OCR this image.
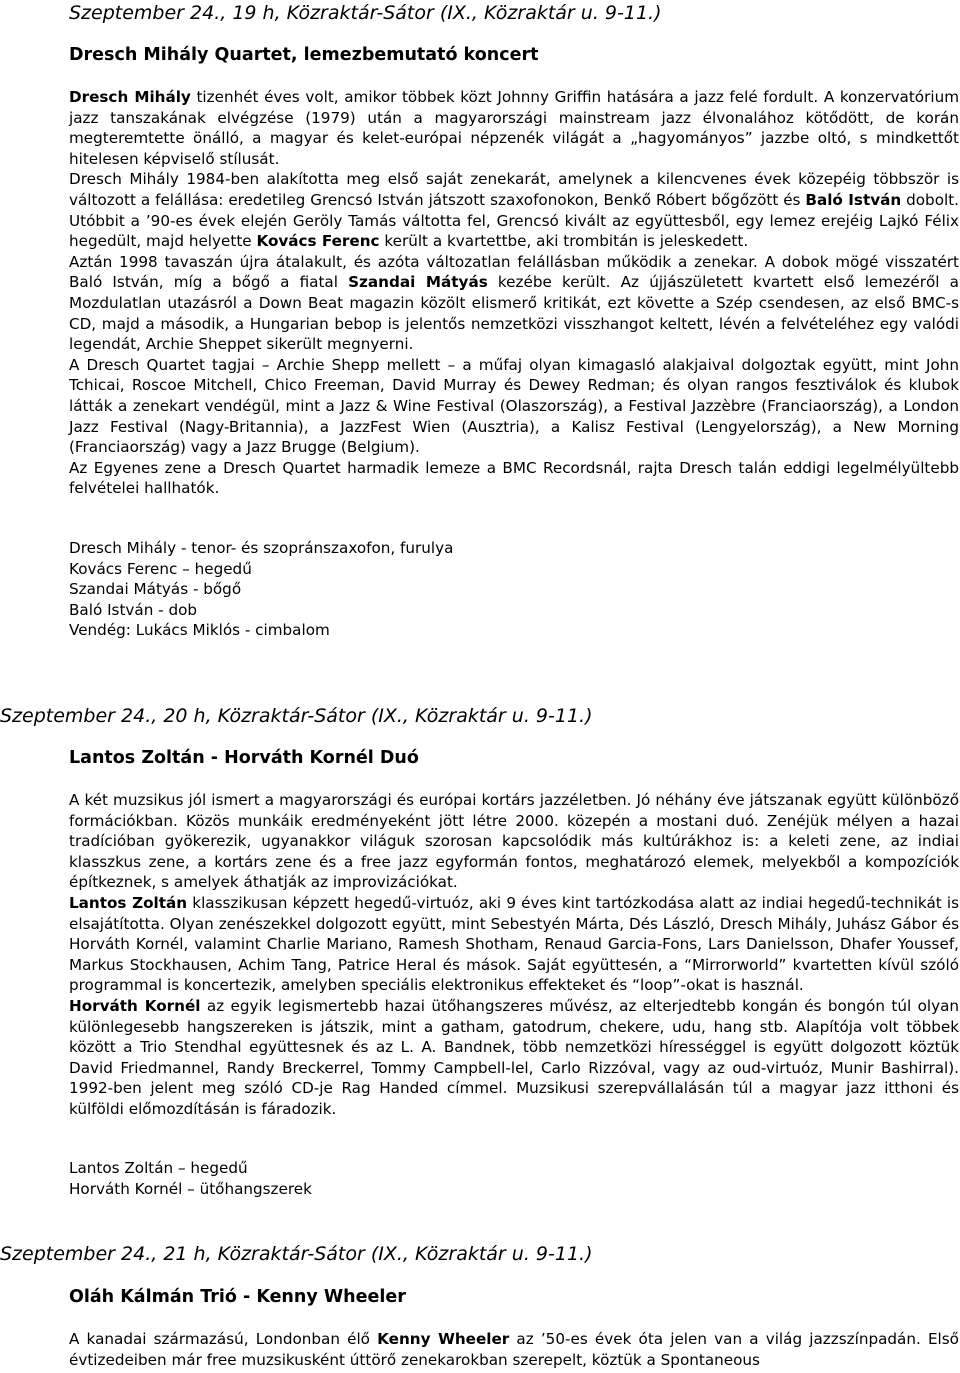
Szeptember 24., 19 h, Közraktár-Sátor (IX., Közraktár u. 9-11.)
Dresch Mihály Quartet, lemezbemutató koncert

Dresch Mihály tizenhét éves volt, amikor többek közt Johnny Griffin hatására a jazz felé fordult. A konzervatórium jazz tanszakának elvégzése (1979) után a magyarországi mainstream jazz élvonalához kötődött, de korán megteremtette önálló, a magyar és kelet-európai népzenék világát a „hagyományos” jazzbe oltó, s mindkettőt hitelesen képviselő stílusát.

Dresch Mihály 1984-ben alakította meg első saját zenekarát, amelynek a kilencvenes évek közepéig többször is változott a felállása: eredetileg Grencsó István játszott szaxofonokon, Benkő Róbert bőgőzött és Baló István dobolt. Utóbbit a ’90-es évek elején Geröly Tamás váltotta fel, Grencsó kivált az együttesből, egy lemez erejéig Lajkó Félix hegedült, majd helyette Kovács Ferenc került a kvartettbe, aki trombitán is jeleskedett.

Aztán 1998 tavaszán újra átalakult, és azóta változatlan felállásban működik a zenekar. A dobok mögé visszatért Baló István, míg a bőgő a fiatal Szandai Mátyás kezébe került. Az újjászületett kvartett első lemezéről a Mozdulatlan utazásról a Down Beat magazin közölt elismerő kritikát, ezt követte a Szép csendesen, az első BMC-s CD, majd a második, a Hungarian bebop is jelentős nemzetközi visszhangot keltett, lévén a felvételéhez egy valódi legendát, Archie Sheppet sikerült megnyerni.

A Dresch Quartet tagjai – Archie Shepp mellett – a műfaj olyan kimagasló alakjaival dolgoztak együtt, mint John Tchicai, Roscoe Mitchell, Chico Freeman, David Murray és Dewey Redman; és olyan rangos fesztiválok és klubok látták a zenekart vendégül, mint a Jazz & Wine Festival (Olaszország), a Festival Jazzèbre (Franciaország), a London Jazz Festival (Nagy-Britannia), a JazzFest Wien (Ausztria), a Kalisz Festival (Lengyelország), a New Morning (Franciaország) vagy a Jazz Brugge (Belgium).

Az Egyenes zene a Dresch Quartet harmadik lemeze a BMC Recordsnál, rajta Dresch talán eddigi legelmélyültebb felvételei hallhatók.

Dresch Mihály - tenor- és szopránszaxofon, furulya
Kovács Ferenc – hegedű
Szandai Mátyás - bőgő
Baló István - dob
Vendég: Lukács Miklós - cimbalom
Szeptember 24., 20 h, Közraktár-Sátor (IX., Közraktár u. 9-11.)
Lantos Zoltán - Horváth Kornél Duó

A két muzsikus jól ismert a magyarországi és európai kortárs jazzéletben. Jó néhány éve játszanak együtt különböző formációkban. Közös munkáik eredményeként jött létre 2000. közepén a mostani duó. Zenéjük mélyen a hazai tradícióban gyökerezik, ugyanakkor világuk szorosan kapcsolódik más kultúrákhoz is: a keleti zene, az indiai klasszkus zene, a kortárs zene és a free jazz egyformán fontos, meghatározó elemek, melyekből a kompozíciók építkeznek, s amelyek áthatják az improvizációkat.

Lantos Zoltán klasszikusan képzett hegedű-virtuóz, aki 9 éves kint tartózkodása alatt az indiai hegedű-technikát is elsajátította. Olyan zenészekkel dolgozott együtt, mint Sebestyén Márta, Dés László, Dresch Mihály, Juhász Gábor és Horváth Kornél, valamint Charlie Mariano, Ramesh Shotham, Renaud Garcia-Fons, Lars Danielsson, Dhafer Youssef, Markus Stockhausen, Achim Tang, Patrice Heral és mások. Saját együttesén, a “Mirrorworld” kvartetten kívül szóló programmal is koncertezik, amelyben speciális elektronikus effekteket és “loop”-okat is használ.

Horváth Kornél az egyik legismertebb hazai ütőhangszeres művész, az elterjedtebb kongán és bongón túl olyan különlegesebb hangszereken is játszik, mint a gatham, gatodrum, chekere, udu, hang stb. Alapítója volt többek között a Trio Stendhal együttesnek és az L. A. Bandnek, több nemzetközi hírességgel is együtt dolgozott köztük David Friedmannel, Randy Breckerrel, Tommy Campbell-lel, Carlo Rizzóval, vagy az oud-virtuóz, Munir Bashirral). 1992-ben jelent meg szóló CD-je Rag Handed címmel. Muzsikusi szerepvállalásán túl a magyar jazz itthoni és külföldi előmozdításán is fáradozik.

Lantos Zoltán – hegedű
Horváth Kornél – ütőhangszerek
Szeptember 24., 21 h, Közraktár-Sátor (IX., Közraktár u. 9-11.)
Oláh Kálmán Trió - Kenny Wheeler

A kanadai származású, Londonban élő Kenny Wheeler az ’50-es évek óta jelen van a világ jazzszínpadán. Első évtizedeiben már free muzsikusként úttörő zenekarokban szerepelt, köztük a Spontaneous
